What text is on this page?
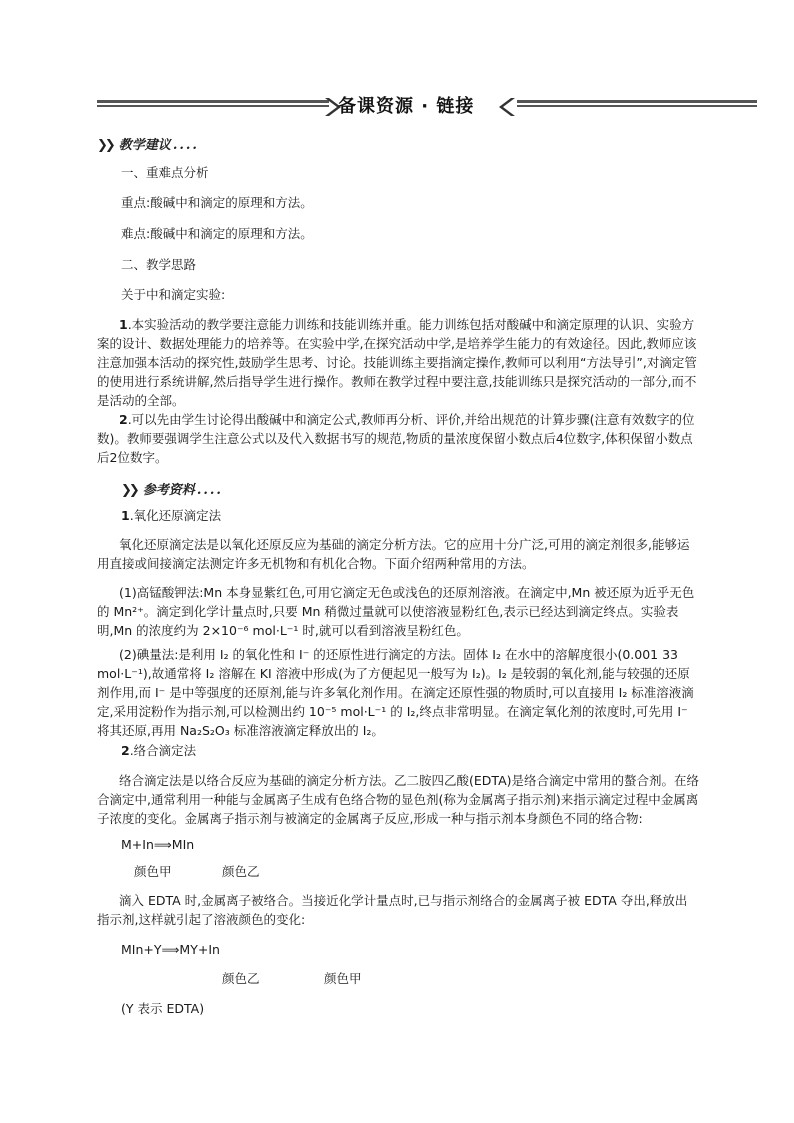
备课资源 · 链接
❯❯ 教学建议 ....
一、重难点分析
重点:酸碱中和滴定的原理和方法。
难点:酸碱中和滴定的原理和方法。
二、教学思路
关于中和滴定实验:
1.本实验活动的教学要注意能力训练和技能训练并重。能力训练包括对酸碱中和滴定原理的认识、实验方案的设计、数据处理能力的培养等。在实验中学,在探究活动中学,是培养学生能力的有效途径。因此,教师应该注意加强本活动的探究性,鼓励学生思考、讨论。技能训练主要指滴定操作,教师可以利用“方法导引”,对滴定管的使用进行系统讲解,然后指导学生进行操作。教师在教学过程中要注意,技能训练只是探究活动的一部分,而不是活动的全部。
2.可以先由学生讨论得出酸碱中和滴定公式,教师再分析、评价,并给出规范的计算步骤(注意有效数字的位数)。教师要强调学生注意公式以及代入数据书写的规范,物质的量浓度保留小数点后4位数字,体积保留小数点后2位数字。
❯❯ 参考资料 ....
1.氧化还原滴定法
氧化还原滴定法是以氧化还原反应为基础的滴定分析方法。它的应用十分广泛,可用的滴定剂很多,能够运用直接或间接滴定法测定许多无机物和有机化合物。下面介绍两种常用的方法。
(1)高锰酸钾法:Mn 本身显紫红色,可用它滴定无色或浅色的还原剂溶液。在滴定中,Mn 被还原为近乎无色的 Mn²⁺。滴定到化学计量点时,只要 Mn 稍微过量就可以使溶液显粉红色,表示已经达到滴定终点。实验表明,Mn 的浓度约为 2×10⁻⁶ mol·L⁻¹ 时,就可以看到溶液呈粉红色。
(2)碘量法:是利用 I₂ 的氧化性和 I⁻ 的还原性进行滴定的方法。固体 I₂ 在水中的溶解度很小(0.001 33 mol·L⁻¹),故通常将 I₂ 溶解在 KI 溶液中形成(为了方便起见一般写为 I₂)。I₂ 是较弱的氧化剂,能与较强的还原剂作用,而 I⁻ 是中等强度的还原剂,能与许多氧化剂作用。在滴定还原性强的物质时,可以直接用 I₂ 标准溶液滴定,采用淀粉作为指示剂,可以检测出约 10⁻⁵ mol·L⁻¹ 的 I₂,终点非常明显。在滴定氧化剂的浓度时,可先用 I⁻ 将其还原,再用 Na₂S₂O₃ 标准溶液滴定释放出的 I₂。
2.络合滴定法
络合滴定法是以络合反应为基础的滴定分析方法。乙二胺四乙酸(EDTA)是络合滴定中常用的螯合剂。在络合滴定中,通常利用一种能与金属离子生成有色络合物的显色剂(称为金属离子指示剂)来指示滴定过程中金属离子浓度的变化。金属离子指示剂与被滴定的金属离子反应,形成一种与指示剂本身颜色不同的络合物:
M+In⟹MIn
颜色甲	颜色乙
滴入 EDTA 时,金属离子被络合。当接近化学计量点时,已与指示剂络合的金属离子被 EDTA 夺出,释放出指示剂,这样就引起了溶液颜色的变化:
MIn+Y⟹MY+In
颜色乙	颜色甲
(Y 表示 EDTA)
